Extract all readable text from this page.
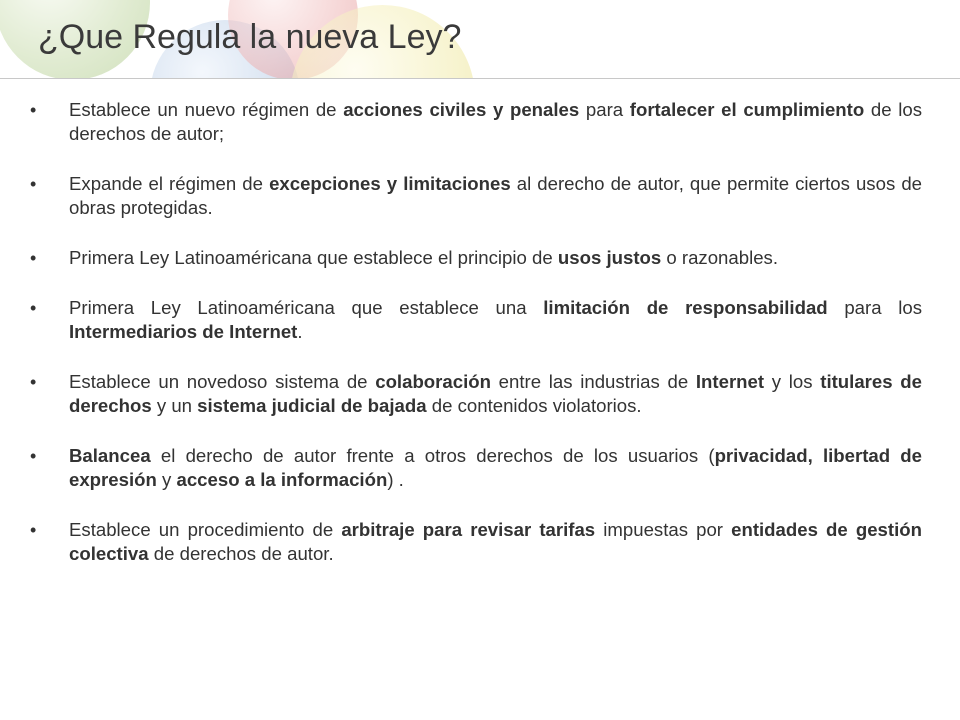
¿Que Regula la nueva Ley?
•	Establece un nuevo régimen de acciones civiles y penales para fortalecer el cumplimiento de los derechos de autor;
•	Expande el régimen de excepciones y limitaciones al derecho de autor, que permite ciertos usos de obras protegidas.
•	Primera Ley Latinoaméricana que establece el principio de usos justos o razonables.
•	Primera Ley Latinoaméricana que establece una limitación de responsabilidad para los Intermediarios de Internet.
•	Establece un novedoso sistema de colaboración entre las industrias de Internet y los titulares de derechos y un sistema judicial de bajada de contenidos violatorios.
•	Balancea el derecho de autor frente a otros derechos de los usuarios (privacidad, libertad de expresión y acceso a la información) .
•	Establece un procedimiento de arbitraje para revisar tarifas impuestas por entidades de gestión colectiva de derechos de autor.
